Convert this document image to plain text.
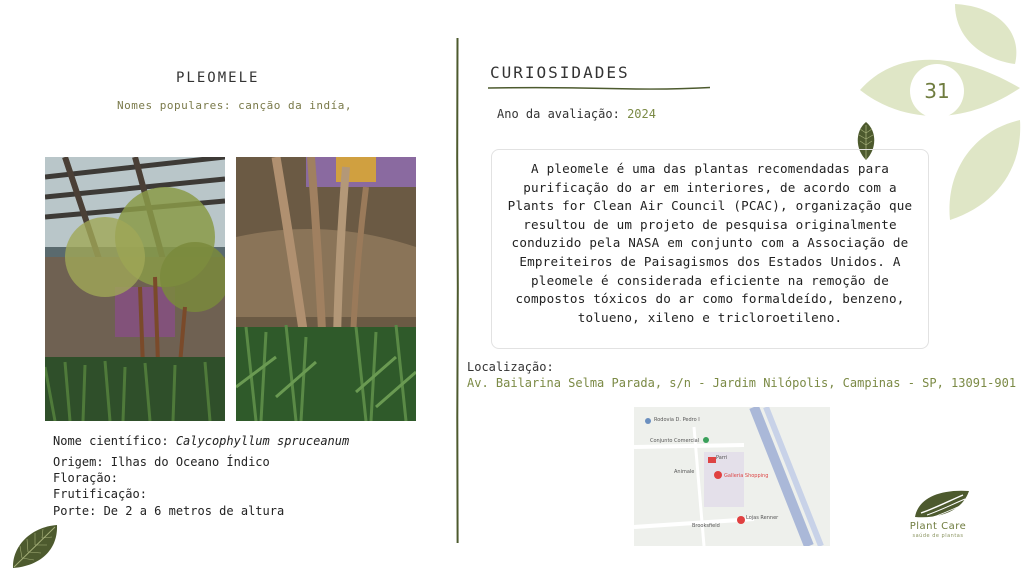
31
PLEOMELE
Nomes populares: canção da indía,
Nome científico: Calycophyllum spruceanum
Origem: Ilhas do Oceano Índico
Floração:
Frutificação:
Porte: De 2 a 6 metros de altura
CURIOSIDADES
Ano da avaliação: 2024
A pleomele é uma das plantas recomendadas para purificação do ar em interiores, de acordo com a Plants for Clean Air Council (PCAC), organização que resultou de um projeto de pesquisa originalmente conduzido pela NASA em conjunto com a Associação de Empreiteiros de Paisagismos dos Estados Unidos. A pleomele é considerada eficiente na remoção de compostos tóxicos do ar como formaldeído, benzeno, tolueno, xileno e tricloroetileno.
Localização:
Av. Bailarina Selma Parada, s/n - Jardim Nilópolis, Campinas - SP, 13091-901
Rodovia D. Pedro I
Conjunto Comercial
Parri
Galleria Shopping
Animale
Brooksfield
Lojas Renner
Plant Care
saúde de plantas
